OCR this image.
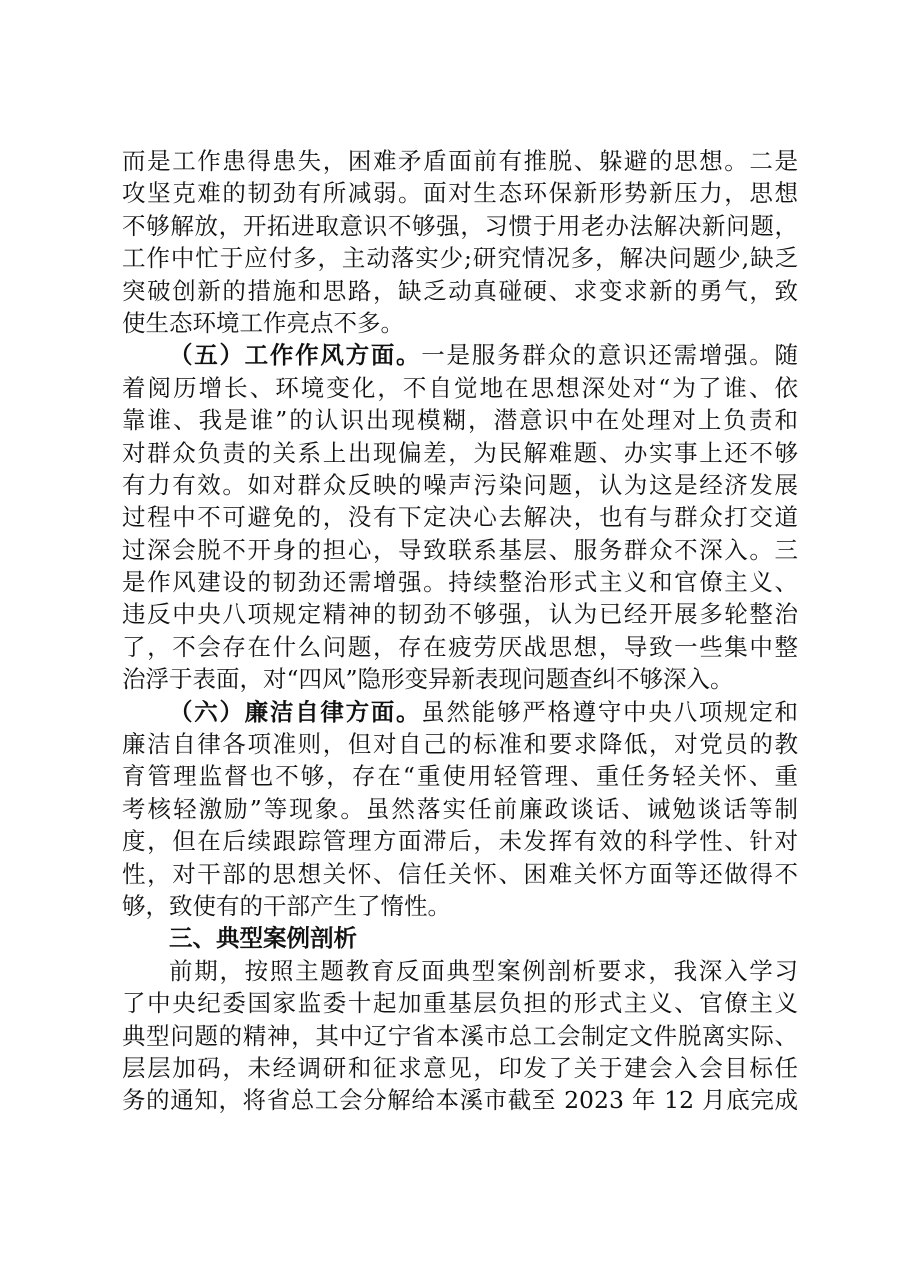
而是工作患得患失，困难矛盾面前有推脱、躲避的思想。二是
攻坚克难的韧劲有所减弱。面对生态环保新形势新压力，思想
不够解放，开拓进取意识不够强，习惯于用老办法解决新问题，
工作中忙于应付多，主动落实少;研究情况多，解决问题少,缺乏
突破创新的措施和思路，缺乏动真碰硬、求变求新的勇气，致
使生态环境工作亮点不多。
（五）工作作风方面。一是服务群众的意识还需增强。随
着阅历增长、环境变化，不自觉地在思想深处对“为了谁、依
靠谁、我是谁”的认识出现模糊，潜意识中在处理对上负责和
对群众负责的关系上出现偏差，为民解难题、办实事上还不够
有力有效。如对群众反映的噪声污染问题，认为这是经济发展
过程中不可避免的，没有下定决心去解决，也有与群众打交道
过深会脱不开身的担心，导致联系基层、服务群众不深入。三
是作风建设的韧劲还需增强。持续整治形式主义和官僚主义、
违反中央八项规定精神的韧劲不够强，认为已经开展多轮整治
了，不会存在什么问题，存在疲劳厌战思想，导致一些集中整
治浮于表面，对“四风”隐形变异新表现问题查纠不够深入。
（六）廉洁自律方面。虽然能够严格遵守中央八项规定和
廉洁自律各项准则，但对自己的标准和要求降低，对党员的教
育管理监督也不够，存在“重使用轻管理、重任务轻关怀、重
考核轻激励”等现象。虽然落实任前廉政谈话、诫勉谈话等制
度，但在后续跟踪管理方面滞后，未发挥有效的科学性、针对
性，对干部的思想关怀、信任关怀、困难关怀方面等还做得不
够，致使有的干部产生了惰性。
三、典型案例剖析
前期，按照主题教育反面典型案例剖析要求，我深入学习
了中央纪委国家监委十起加重基层负担的形式主义、官僚主义
典型问题的精神，其中辽宁省本溪市总工会制定文件脱离实际、
层层加码，未经调研和征求意见，印发了关于建会入会目标任
务的通知，将省总工会分解给本溪市截至 2023 年 12 月底完成
